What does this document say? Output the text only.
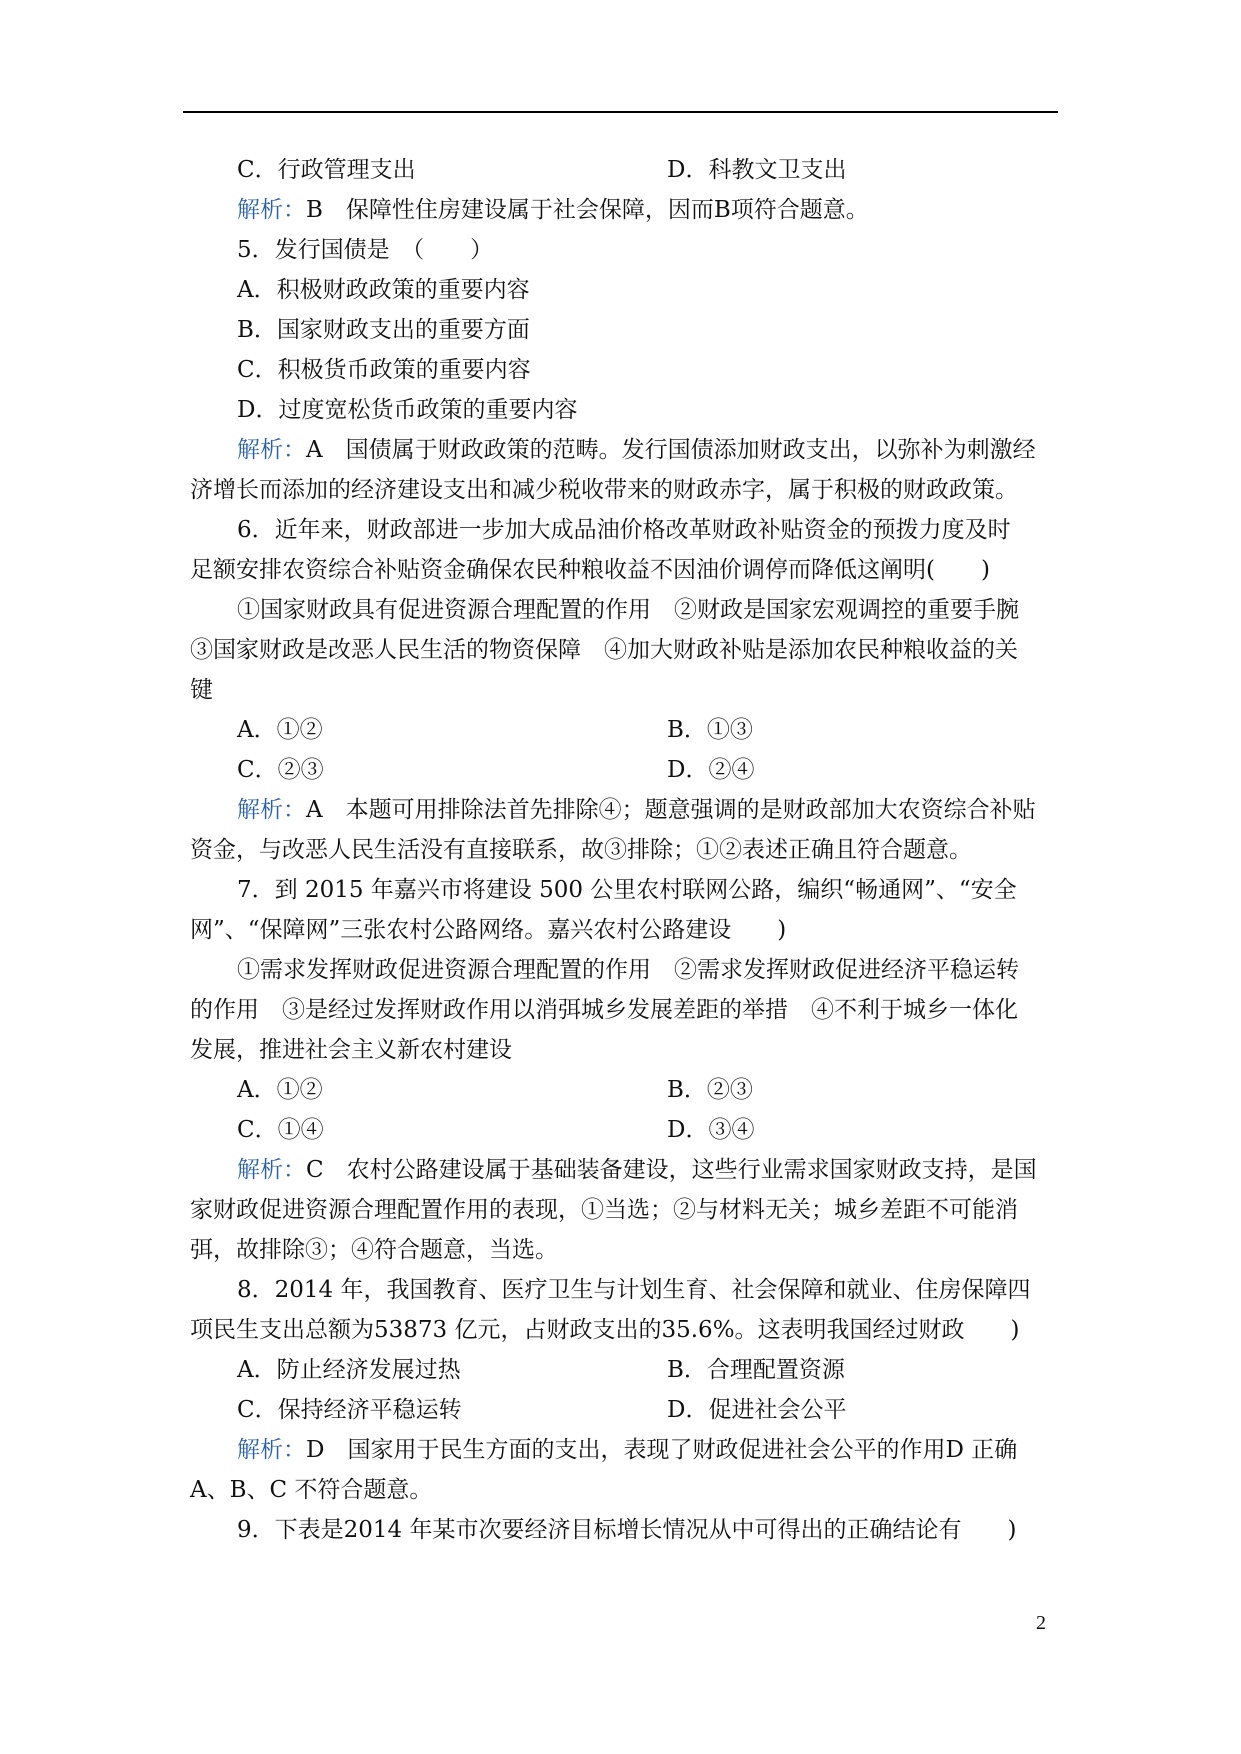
C．行政管理支出	D．科教文卫支出
解析：B　保障性住房建设属于社会保障，因而B项符合题意。
5．发行国债是　（　　）
A．积极财政政策的重要内容
B．国家财政支出的重要方面
C．积极货币政策的重要内容
D．过度宽松货币政策的重要内容
解析：A　国债属于财政政策的范畴。发行国债添加财政支出，以弥补为刺激经
济增长而添加的经济建设支出和减少税收带来的财政赤字，属于积极的财政政策。
6．近年来，财政部进一步加大成品油价格改革财政补贴资金的预拨力度及时
足额安排农资综合补贴资金确保农民种粮收益不因油价调停而降低这阐明(　　)
①国家财政具有促进资源合理配置的作用　②财政是国家宏观调控的重要手腕
③国家财政是改恶人民生活的物资保障　④加大财政补贴是添加农民种粮收益的关
键
A．①②	B．①③
C．②③	D．②④
解析：A　本题可用排除法首先排除④；题意强调的是财政部加大农资综合补贴
资金，与改恶人民生活没有直接联系，故③排除；①②表述正确且符合题意。
7．到 2015 年嘉兴市将建设 500 公里农村联网公路，编织“畅通网”、“安全
网”、“保障网”三张农村公路网络。嘉兴农村公路建设　　)
①需求发挥财政促进资源合理配置的作用　②需求发挥财政促进经济平稳运转
的作用　③是经过发挥财政作用以消弭城乡发展差距的举措　④不利于城乡一体化
发展，推进社会主义新农村建设
A．①②	B．②③
C．①④	D．③④
解析：C　农村公路建设属于基础装备建设，这些行业需求国家财政支持，是国
家财政促进资源合理配置作用的表现，①当选；②与材料无关；城乡差距不可能消
弭，故排除③；④符合题意，当选。
8．2014 年，我国教育、医疗卫生与计划生育、社会保障和就业、住房保障四
项民生支出总额为53873 亿元，占财政支出的35.6%。这表明我国经过财政　　)
A．防止经济发展过热	B．合理配置资源
C．保持经济平稳运转	D．促进社会公平
解析：D　国家用于民生方面的支出，表现了财政促进社会公平的作用D 正确
A、B、C 不符合题意。
9．下表是2014 年某市次要经济目标增长情况从中可得出的正确结论有　　)
2
